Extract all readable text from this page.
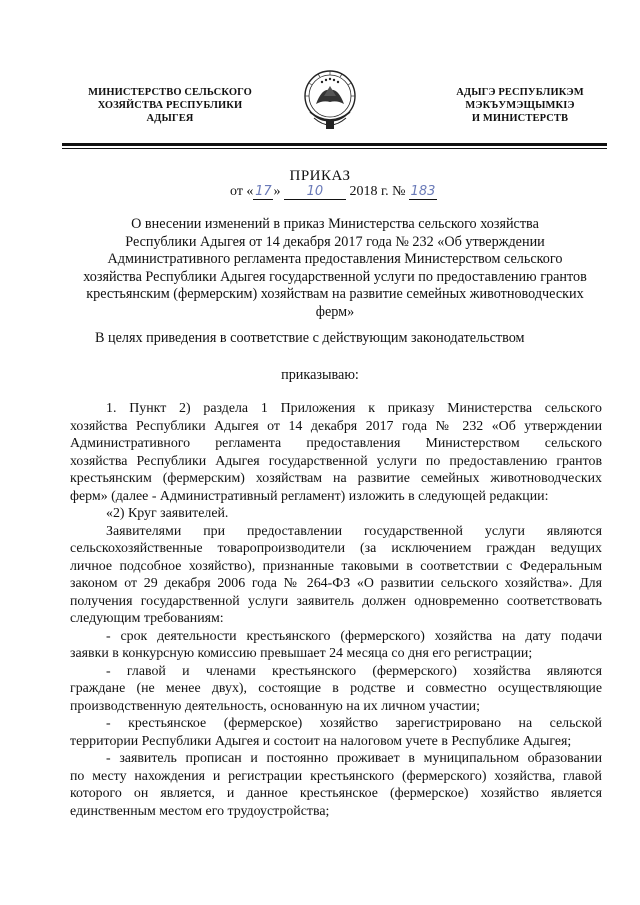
МИНИСТЕРСТВО СЕЛЬСКОГО
ХОЗЯЙСТВА РЕСПУБЛИКИ
АДЫГЕЯ
АДЫГЭ РЕСПУБЛИКЭМ
МЭКЪУМЭЩЫМКIЭ
И МИНИСТЕРСТВ
ПРИКАЗ
от « 17 » 10 2018 г. № 183
О внесении изменений в приказ Министерства сельского хозяйства
Республики Адыгея от 14 декабря 2017 года № 232 «Об утверждении
Административного регламента предоставления Министерством сельского
хозяйства Республики Адыгея государственной услуги по предоставлению грантов
крестьянским (фермерским) хозяйствам на развитие семейных животноводческих
ферм»
В целях приведения в соответствие с действующим законодательством
приказываю:
1. Пункт 2) раздела 1 Приложения к приказу Министерства сельского
хозяйства Республики Адыгея от 14 декабря 2017 года № 232 «Об утверждении
Административного регламента предоставления Министерством сельского
хозяйства Республики Адыгея государственной услуги по предоставлению грантов
крестьянским (фермерским) хозяйствам на развитие семейных животноводческих
ферм» (далее - Административный регламент) изложить в следующей редакции:
«2) Круг заявителей.
Заявителями при предоставлении государственной услуги являются
сельскохозяйственные товаропроизводители (за исключением граждан ведущих
личное подсобное хозяйство), признанные таковыми в соответствии с Федеральным
законом от 29 декабря 2006 года № 264-ФЗ «О развитии сельского хозяйства». Для
получения государственной услуги заявитель должен одновременно соответствовать
следующим требованиям:
- срок деятельности крестьянского (фермерского) хозяйства на дату подачи
заявки в конкурсную комиссию превышает 24 месяца со дня его регистрации;
- главой и членами крестьянского (фермерского) хозяйства являются
граждане (не менее двух), состоящие в родстве и совместно осуществляющие
производственную деятельность, основанную на их личном участии;
- крестьянское (фермерское) хозяйство зарегистрировано на сельской
территории Республики Адыгея и состоит на налоговом учете в Республике Адыгея;
- заявитель прописан и постоянно проживает в муниципальном образовании
по месту нахождения и регистрации крестьянского (фермерского) хозяйства, главой
которого он является, и данное крестьянское (фермерское) хозяйство является
единственным местом его трудоустройства;
